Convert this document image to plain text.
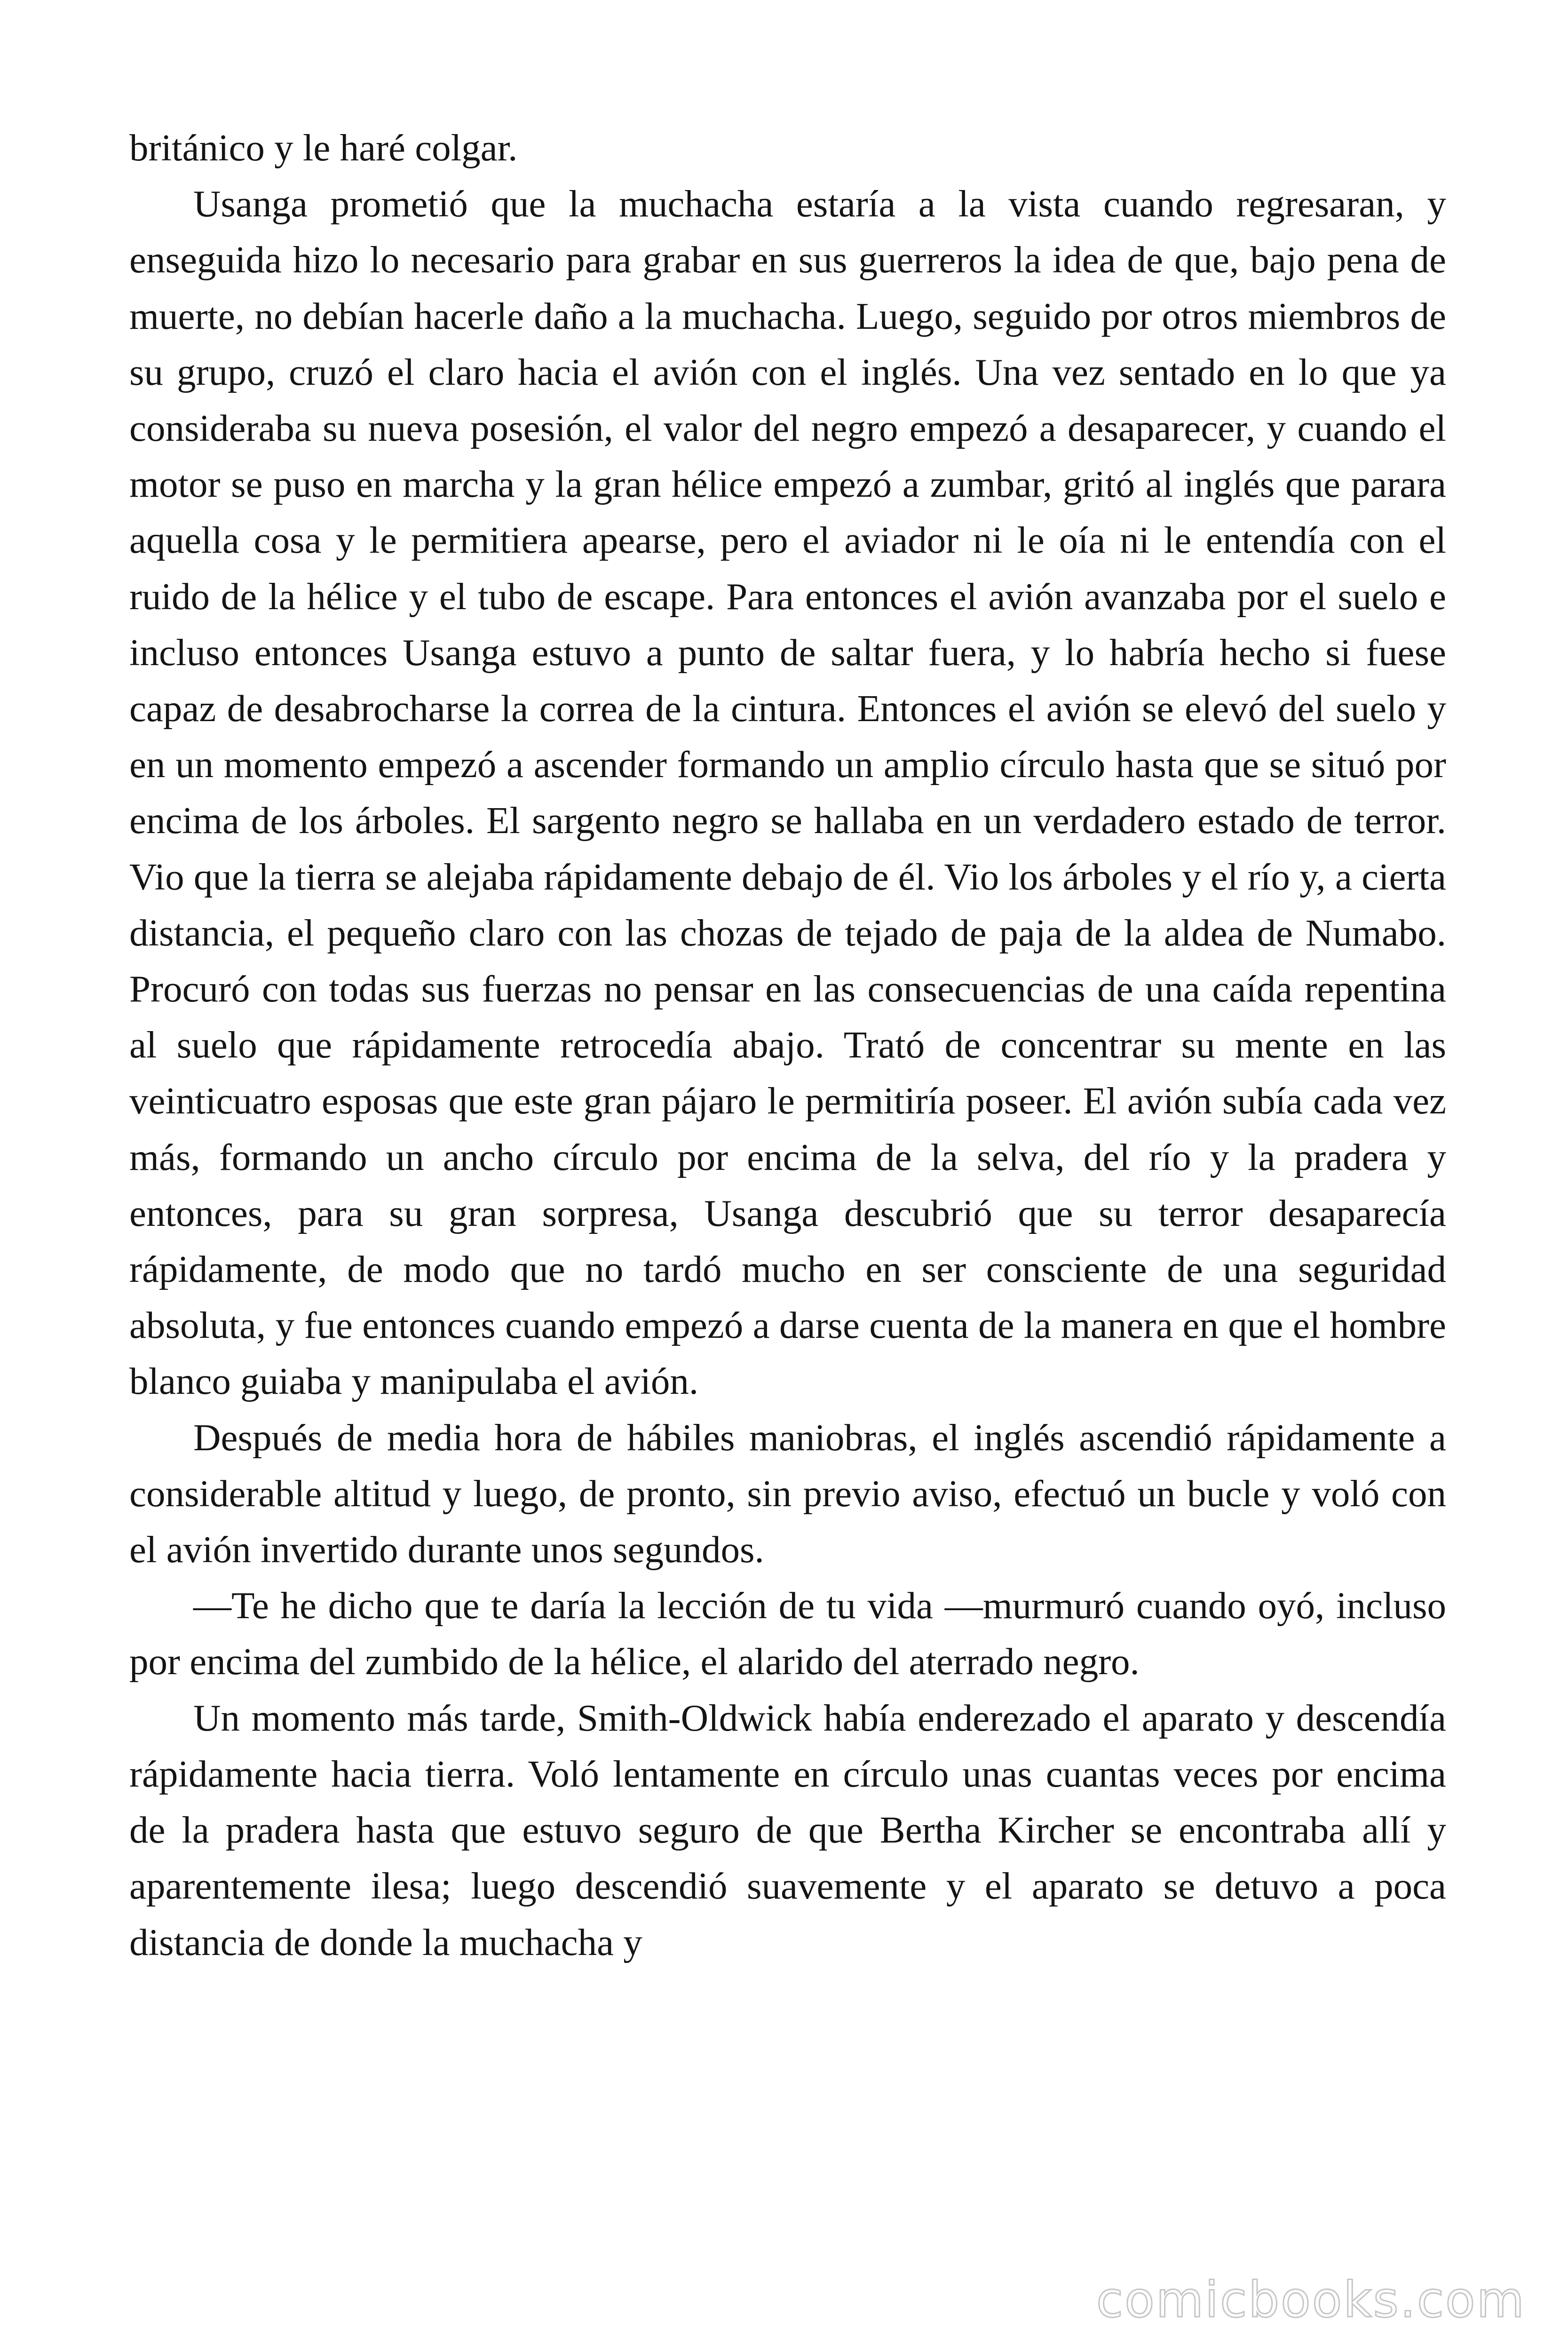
británico y le haré colgar.

Usanga prometió que la muchacha estaría a la vista cuando regresaran, y enseguida hizo lo necesario para grabar en sus guerreros la idea de que, bajo pena de muerte, no debían hacerle daño a la muchacha. Luego, seguido por otros miembros de su grupo, cruzó el claro hacia el avión con el inglés. Una vez sentado en lo que ya consideraba su nueva posesión, el valor del negro empezó a desaparecer, y cuando el motor se puso en marcha y la gran hélice empezó a zumbar, gritó al inglés que parara aquella cosa y le permitiera apearse, pero el aviador ni le oía ni le entendía con el ruido de la hélice y el tubo de escape. Para entonces el avión avanzaba por el suelo e incluso entonces Usanga estuvo a punto de saltar fuera, y lo habría hecho si fuese capaz de desabrocharse la correa de la cintura. Entonces el avión se elevó del suelo y en un momento empezó a ascender formando un amplio círculo hasta que se situó por encima de los árboles. El sargento negro se hallaba en un verdadero estado de terror. Vio que la tierra se alejaba rápidamente debajo de él. Vio los árboles y el río y, a cierta distancia, el pequeño claro con las chozas de tejado de paja de la aldea de Numabo. Procuró con todas sus fuerzas no pensar en las consecuencias de una caída repentina al suelo que rápidamente retrocedía abajo. Trató de concentrar su mente en las veinticuatro esposas que este gran pájaro le permitiría poseer. El avión subía cada vez más, formando un ancho círculo por encima de la selva, del río y la pradera y entonces, para su gran sorpresa, Usanga descubrió que su terror desaparecía rápidamente, de modo que no tardó mucho en ser consciente de una seguridad absoluta, y fue entonces cuando empezó a darse cuenta de la manera en que el hombre blanco guiaba y manipulaba el avión.

Después de media hora de hábiles maniobras, el inglés ascendió rápidamente a considerable altitud y luego, de pronto, sin previo aviso, efectuó un bucle y voló con el avión invertido durante unos segundos.

—Te he dicho que te daría la lección de tu vida —murmuró cuando oyó, incluso por encima del zumbido de la hélice, el alarido del aterrado negro.

Un momento más tarde, Smith-Oldwick había enderezado el aparato y descendía rápidamente hacia tierra. Voló lentamente en círculo unas cuantas veces por encima de la pradera hasta que estuvo seguro de que Bertha Kircher se encontraba allí y aparentemente ilesa; luego descendió suavemente y el aparato se detuvo a poca distancia de donde la muchacha y

comicbooks.com
